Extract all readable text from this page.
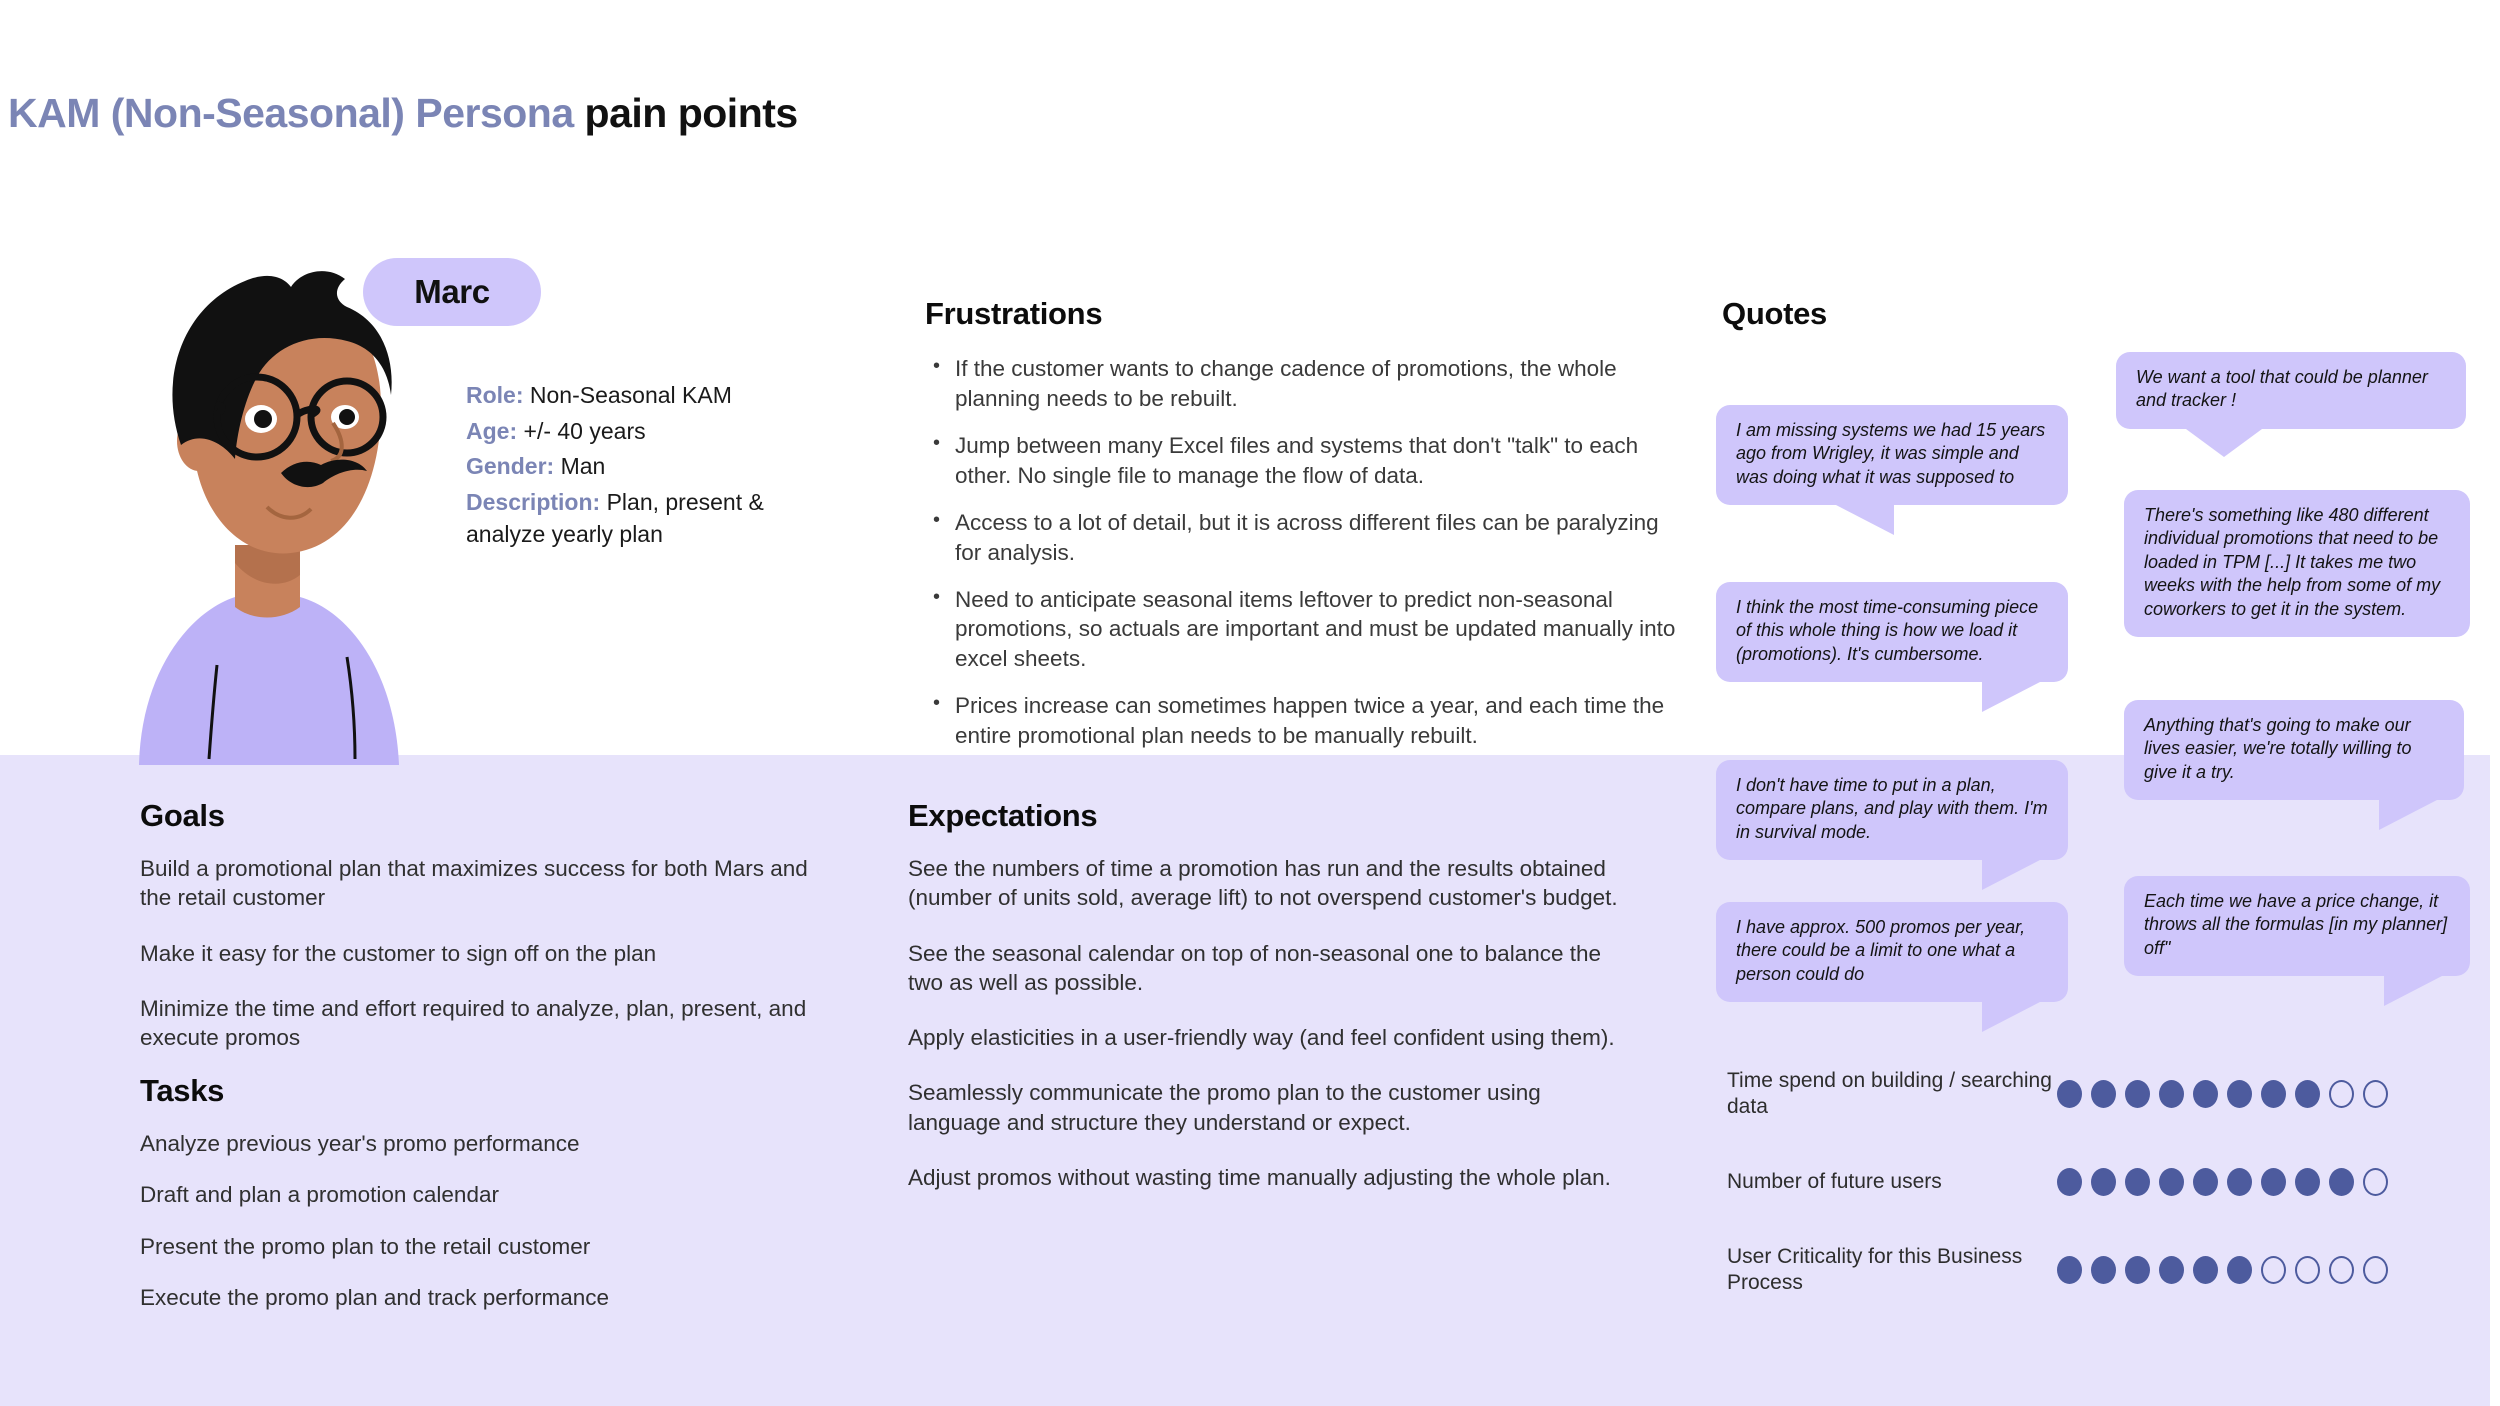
KAM (Non-Seasonal) Persona pain points
Marc
Role: Non-Seasonal KAM
Age: +/- 40 years
Gender: Man
Description: Plan, present & analyze yearly plan
Frustrations
• If the customer wants to change cadence of promotions, the whole planning needs to be rebuilt.
• Jump between many Excel files and systems that don't "talk" to each other. No single file to manage the flow of data.
• Access to a lot of detail, but it is across different files can be paralyzing for analysis.
• Need to anticipate seasonal items leftover to predict non-seasonal promotions, so actuals are important and must be updated manually into excel sheets.
• Prices increase can sometimes happen twice a year, and each time the entire promotional plan needs to be manually rebuilt.
Quotes
I am missing systems we had 15 years ago from Wrigley, it was simple and was doing what it was supposed to
I think the most time-consuming piece of this whole thing is how we load it (promotions). It's cumbersome.
I don't have time to put in a plan, compare plans, and play with them. I'm in survival mode.
I have approx. 500 promos per year, there could be a limit to one what a person could do
We want a tool that could be planner and tracker !
There's something like 480 different individual promotions that need to be loaded in TPM [...] It takes me two weeks with the help from some of my coworkers to get it in the system.
Anything that's going to make our lives easier, we're totally willing to give it a try.
Each time we have a price change, it throws all the formulas [in my planner] off"
Goals
Build a promotional plan that maximizes success for both Mars and the retail customer
Make it easy for the customer to sign off on the plan
Minimize the time and effort required to analyze, plan, present, and execute promos
Tasks
Analyze previous year's promo performance
Draft and plan a promotion calendar
Present the promo plan to the retail customer
Execute the promo plan and track performance
Expectations
See the numbers of time a promotion has run and the results obtained (number of units sold, average lift) to not overspend customer's budget.
See the seasonal calendar on top of non-seasonal one to balance the two as well as possible.
Apply elasticities in a user-friendly way (and feel confident using them).
Seamlessly communicate the promo plan to the customer using language and structure they understand or expect.
Adjust promos without wasting time manually adjusting the whole plan.
Time spend on building / searching data
Number of future users
User Criticality for this Business Process
